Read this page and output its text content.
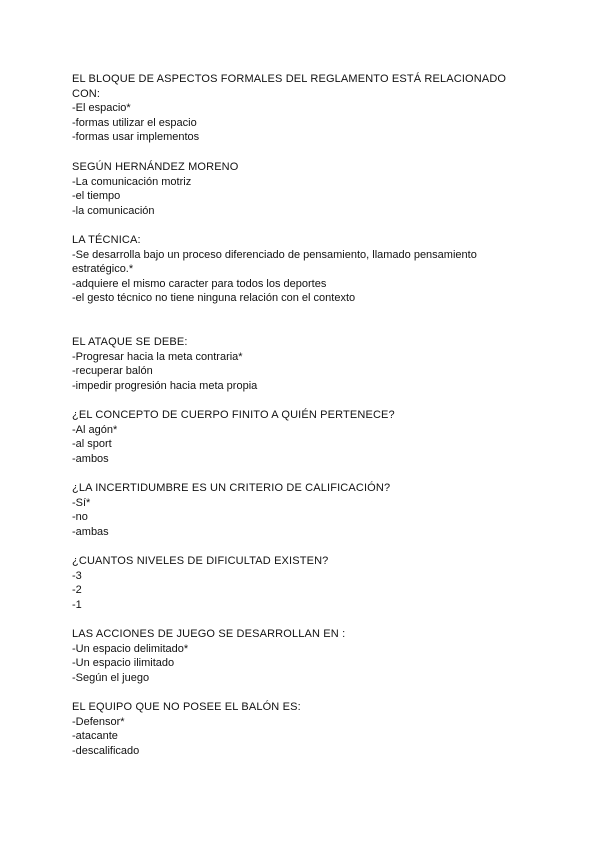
EL BLOQUE DE ASPECTOS FORMALES DEL REGLAMENTO ESTÁ RELACIONADO CON:
-El espacio*
-formas utilizar el espacio
-formas usar implementos
SEGÚN HERNÁNDEZ MORENO
-La comunicación motriz
-el tiempo
-la comunicación
LA TÉCNICA:
-Se desarrolla bajo un proceso diferenciado de pensamiento, llamado pensamiento estratégico.*
-adquiere el mismo caracter para todos los deportes
-el gesto técnico no tiene ninguna relación con el contexto
EL ATAQUE SE DEBE:
-Progresar hacia la meta contraria*
-recuperar balón
-impedir progresión hacia meta propia
¿EL CONCEPTO DE CUERPO FINITO A QUIÉN PERTENECE?
-Al agón*
-al sport
-ambos
¿LA INCERTIDUMBRE ES UN CRITERIO DE CALIFICACIÓN?
-Sí*
-no
-ambas
¿CUANTOS NIVELES DE DIFICULTAD EXISTEN?
-3
-2
-1
LAS ACCIONES DE JUEGO SE DESARROLLAN EN :
-Un espacio delimitado*
-Un espacio ilimitado
-Según el juego
EL EQUIPO QUE NO POSEE EL BALÓN ES:
-Defensor*
-atacante
-descalificado
